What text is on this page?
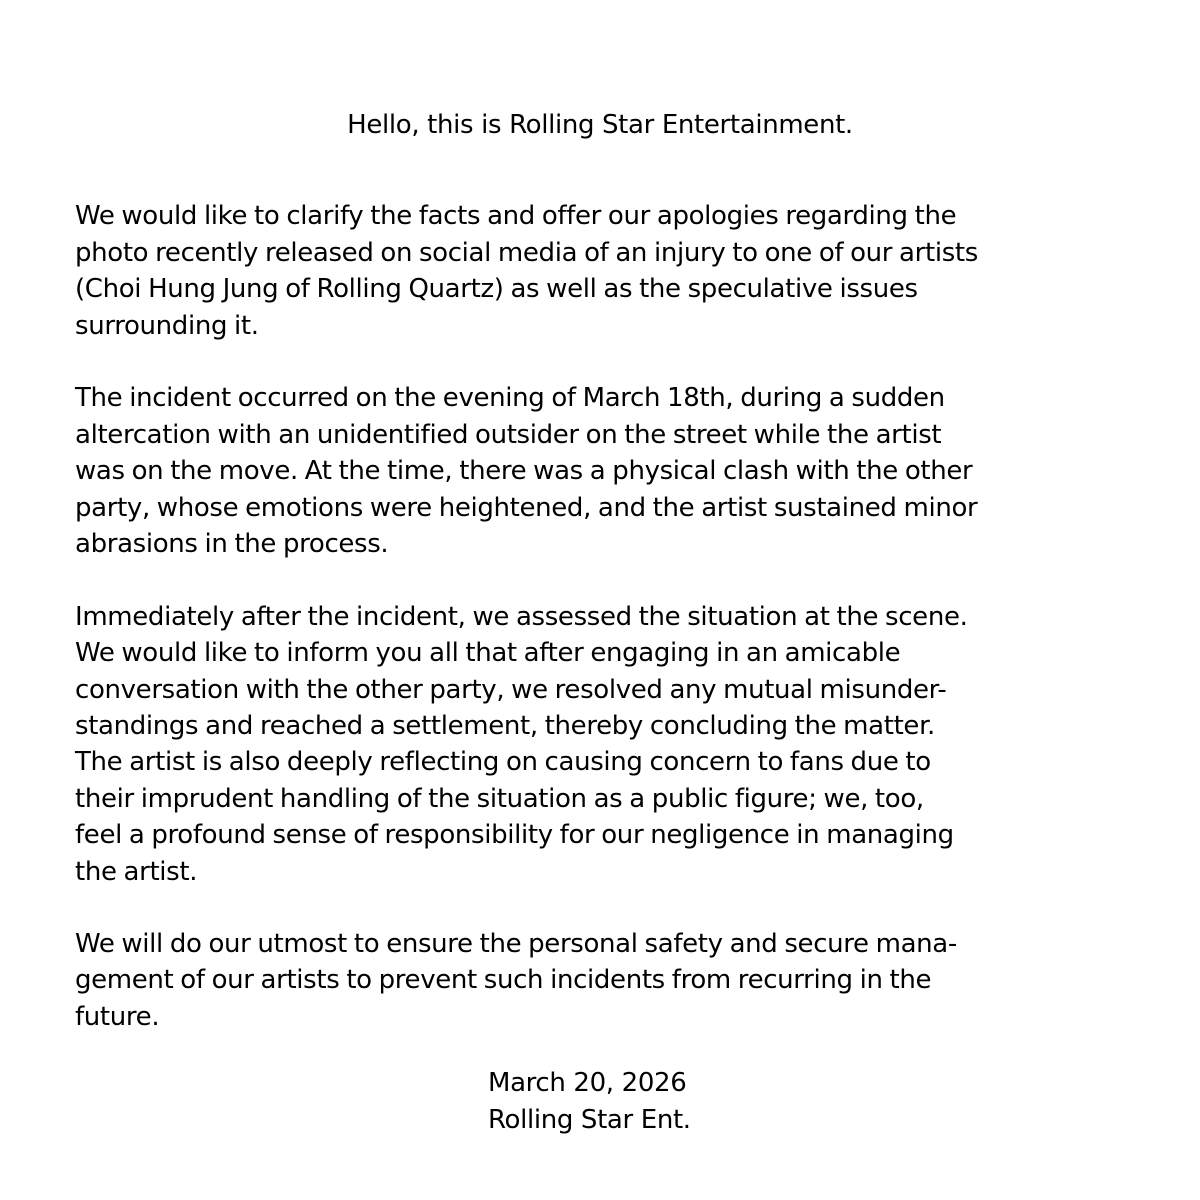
Hello, this is Rolling Star Entertainment.
We would like to clarify the facts and offer our apologies regarding the
photo recently released on social media of an injury to one of our artists
(Choi Hung Jung of Rolling Quartz) as well as the speculative issues
surrounding it.
The incident occurred on the evening of March 18th, during a sudden
altercation with an unidentified outsider on the street while the artist
was on the move. At the time, there was a physical clash with the other
party, whose emotions were heightened, and the artist sustained minor
abrasions in the process.
Immediately after the incident, we assessed the situation at the scene.
We would like to inform you all that after engaging in an amicable
conversation with the other party, we resolved any mutual misunder-
standings and reached a settlement, thereby concluding the matter.
The artist is also deeply reflecting on causing concern to fans due to
their imprudent handling of the situation as a public figure; we, too,
feel a profound sense of responsibility for our negligence in managing
the artist.
We will do our utmost to ensure the personal safety and secure mana-
gement of our artists to prevent such incidents from recurring in the
future.
March 20, 2026
Rolling Star Ent.
